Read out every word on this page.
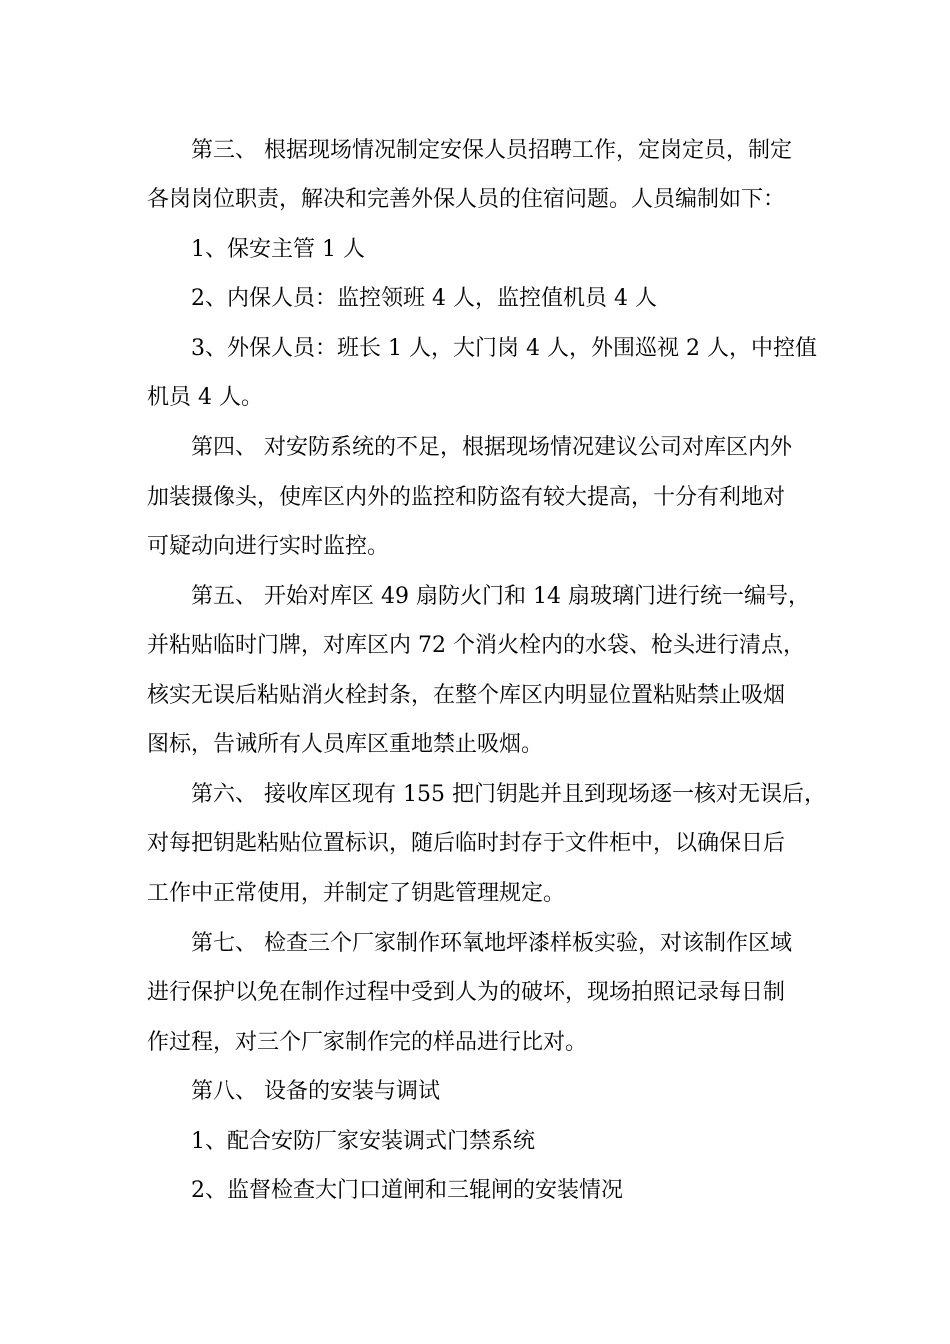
第三、 根据现场情况制定安保人员招聘工作，定岗定员，制定
各岗岗位职责，解决和完善外保人员的住宿问题。人员编制如下：
1、保安主管 1 人
2、内保人员：监控领班 4 人，监控值机员 4 人
3、外保人员：班长 1 人，大门岗 4 人，外围巡视 2 人，中控值
机员 4 人。
第四、 对安防系统的不足，根据现场情况建议公司对库区内外
加装摄像头，使库区内外的监控和防盗有较大提高，十分有利地对
可疑动向进行实时监控。
第五、 开始对库区 49 扇防火门和 14 扇玻璃门进行统一编号，
并粘贴临时门牌，对库区内 72 个消火栓内的水袋、枪头进行清点，
核实无误后粘贴消火栓封条，在整个库区内明显位置粘贴禁止吸烟
图标，告诫所有人员库区重地禁止吸烟。
第六、 接收库区现有 155 把门钥匙并且到现场逐一核对无误后，
对每把钥匙粘贴位置标识，随后临时封存于文件柜中，以确保日后
工作中正常使用，并制定了钥匙管理规定。
第七、 检查三个厂家制作环氧地坪漆样板实验，对该制作区域
进行保护以免在制作过程中受到人为的破坏，现场拍照记录每日制
作过程，对三个厂家制作完的样品进行比对。
第八、 设备的安装与调试
1、配合安防厂家安装调式门禁系统
2、监督检查大门口道闸和三辊闸的安装情况
